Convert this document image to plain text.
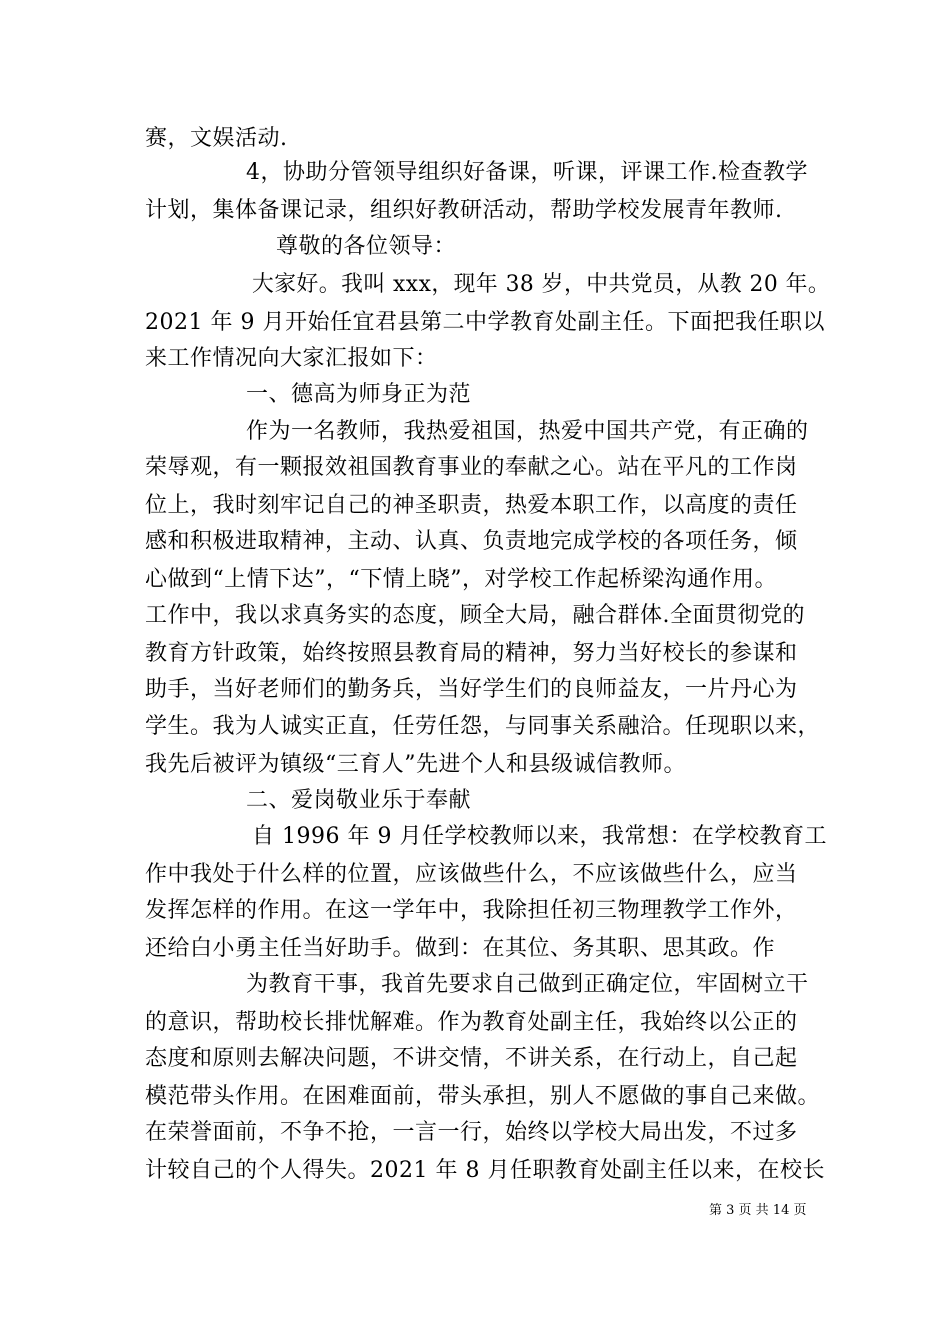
赛，文娱活动.
4，协助分管领导组织好备课，听课，评课工作.检查教学
计划，集体备课记录，组织好教研活动，帮助学校发展青年教师.
尊敬的各位领导：
大家好。我叫 xxx，现年 38 岁，中共党员，从教 20 年。
2021 年 9 月开始任宜君县第二中学教育处副主任。下面把我任职以
来工作情况向大家汇报如下：
一、德高为师身正为范
作为一名教师，我热爱祖国，热爱中国共产党，有正确的
荣辱观，有一颗报效祖国教育事业的奉献之心。站在平凡的工作岗
位上，我时刻牢记自己的神圣职责，热爱本职工作，以高度的责任
感和积极进取精神，主动、认真、负责地完成学校的各项任务，倾
心做到“上情下达”，“下情上晓”，对学校工作起桥梁沟通作用。
工作中，我以求真务实的态度，顾全大局，融合群体.全面贯彻党的
教育方针政策，始终按照县教育局的精神，努力当好校长的参谋和
助手，当好老师们的勤务兵，当好学生们的良师益友，一片丹心为
学生。我为人诚实正直，任劳任怨，与同事关系融洽。任现职以来，
我先后被评为镇级“三育人”先进个人和县级诚信教师。
二、爱岗敬业乐于奉献
自 1996 年 9 月任学校教师以来，我常想：在学校教育工
作中我处于什么样的位置，应该做些什么，不应该做些什么，应当
发挥怎样的作用。在这一学年中，我除担任初三物理教学工作外，
还给白小勇主任当好助手。做到：在其位、务其职、思其政。作
为教育干事，我首先要求自己做到正确定位，牢固树立干
的意识，帮助校长排忧解难。作为教育处副主任，我始终以公正的
态度和原则去解决问题，不讲交情，不讲关系，在行动上，自己起
模范带头作用。在困难面前，带头承担，别人不愿做的事自己来做。
在荣誉面前，不争不抢，一言一行，始终以学校大局出发，不过多
计较自己的个人得失。2021 年 8 月任职教育处副主任以来，在校长
第 3 页 共 14 页
